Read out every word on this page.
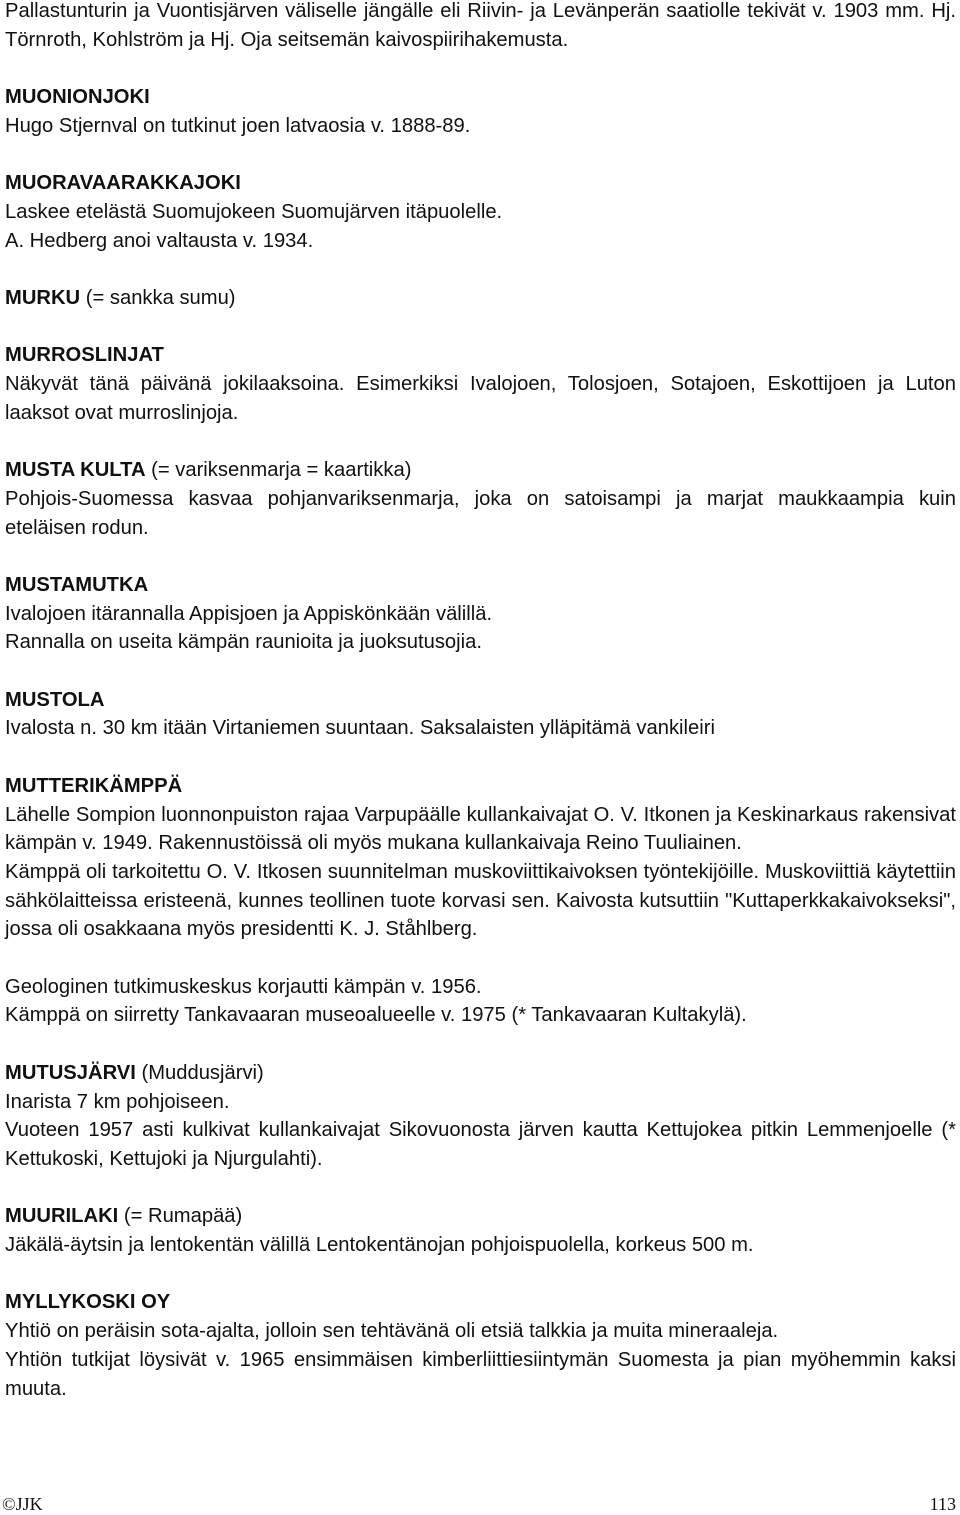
Pallastunturin ja Vuontisjärven väliselle jängälle eli Riivin- ja Levänperän saatiolle tekivät v. 1903 mm. Hj. Törnroth, Kohlström ja Hj. Oja seitsemän kaivospiirihakemusta.

MUONIONJOKI

Hugo Stjernval on tutkinut joen latvaosia v. 1888-89.

MUORAVAARAKKAJOKI

Laskee etelästä Suomujokeen Suomujärven itäpuolelle.

A. Hedberg anoi valtausta v. 1934.

MURKU (= sankka sumu)
MURROSLINJAT

Näkyvät tänä päivänä jokilaaksoina. Esimerkiksi Ivalojoen, Tolosjoen, Sotajoen, Eskottijoen ja Luton laaksot ovat murroslinjoja.

MUSTA KULTA (= variksenmarja = kaartikka)

Pohjois-Suomessa kasvaa pohjanvariksenmarja, joka on satoisampi ja marjat maukkaampia kuin eteläisen rodun.

MUSTAMUTKA

Ivalojoen itärannalla Appisjoen ja Appiskönkään välillä.

Rannalla on useita kämpän raunioita ja juoksutusojia.

MUSTOLA

Ivalosta n. 30 km itään Virtaniemen suuntaan. Saksalaisten ylläpitämä vankileiri

MUTTERIKÄMPPÄ

Lähelle Sompion luonnonpuiston rajaa Varpupäälle kullankaivajat O. V. Itkonen ja Keskinarkaus rakensivat kämpän v. 1949. Rakennustöissä oli myös mukana kullankaivaja Reino Tuuliainen.

Kämppä oli tarkoitettu O. V. Itkosen suunnitelman muskoviittikaivoksen työntekijöille. Muskoviittiä käytettiin sähkölaitteissa eristeenä, kunnes teollinen tuote korvasi sen. Kaivosta kutsuttiin "Kuttaperkkakaivokseksi", jossa oli osakkaana myös presidentti K. J. Ståhlberg.

Geologinen tutkimuskeskus korjautti kämpän v. 1956.

Kämppä on siirretty Tankavaaran museoalueelle v. 1975 (* Tankavaaran Kultakylä).

MUTUSJÄRVI (Muddusjärvi)

Inarista 7 km pohjoiseen.

Vuoteen 1957 asti kulkivat kullankaivajat Sikovuonosta järven kautta Kettujokea pitkin Lemmenjoelle (* Kettukoski, Kettujoki ja Njurgulahti).

MUURILAKI (= Rumapää)

Jäkälä-äytsin ja lentokentän välillä Lentokentänojan pohjoispuolella, korkeus 500 m.

MYLLYKOSKI OY

Yhtiö on peräisin sota-ajalta, jolloin sen tehtävänä oli etsiä talkkia ja muita mineraaleja.

Yhtiön tutkijat löysivät v. 1965 ensimmäisen kimberliittiesiintymän Suomesta ja pian myöhemmin kaksi muuta.

©JJK	113
